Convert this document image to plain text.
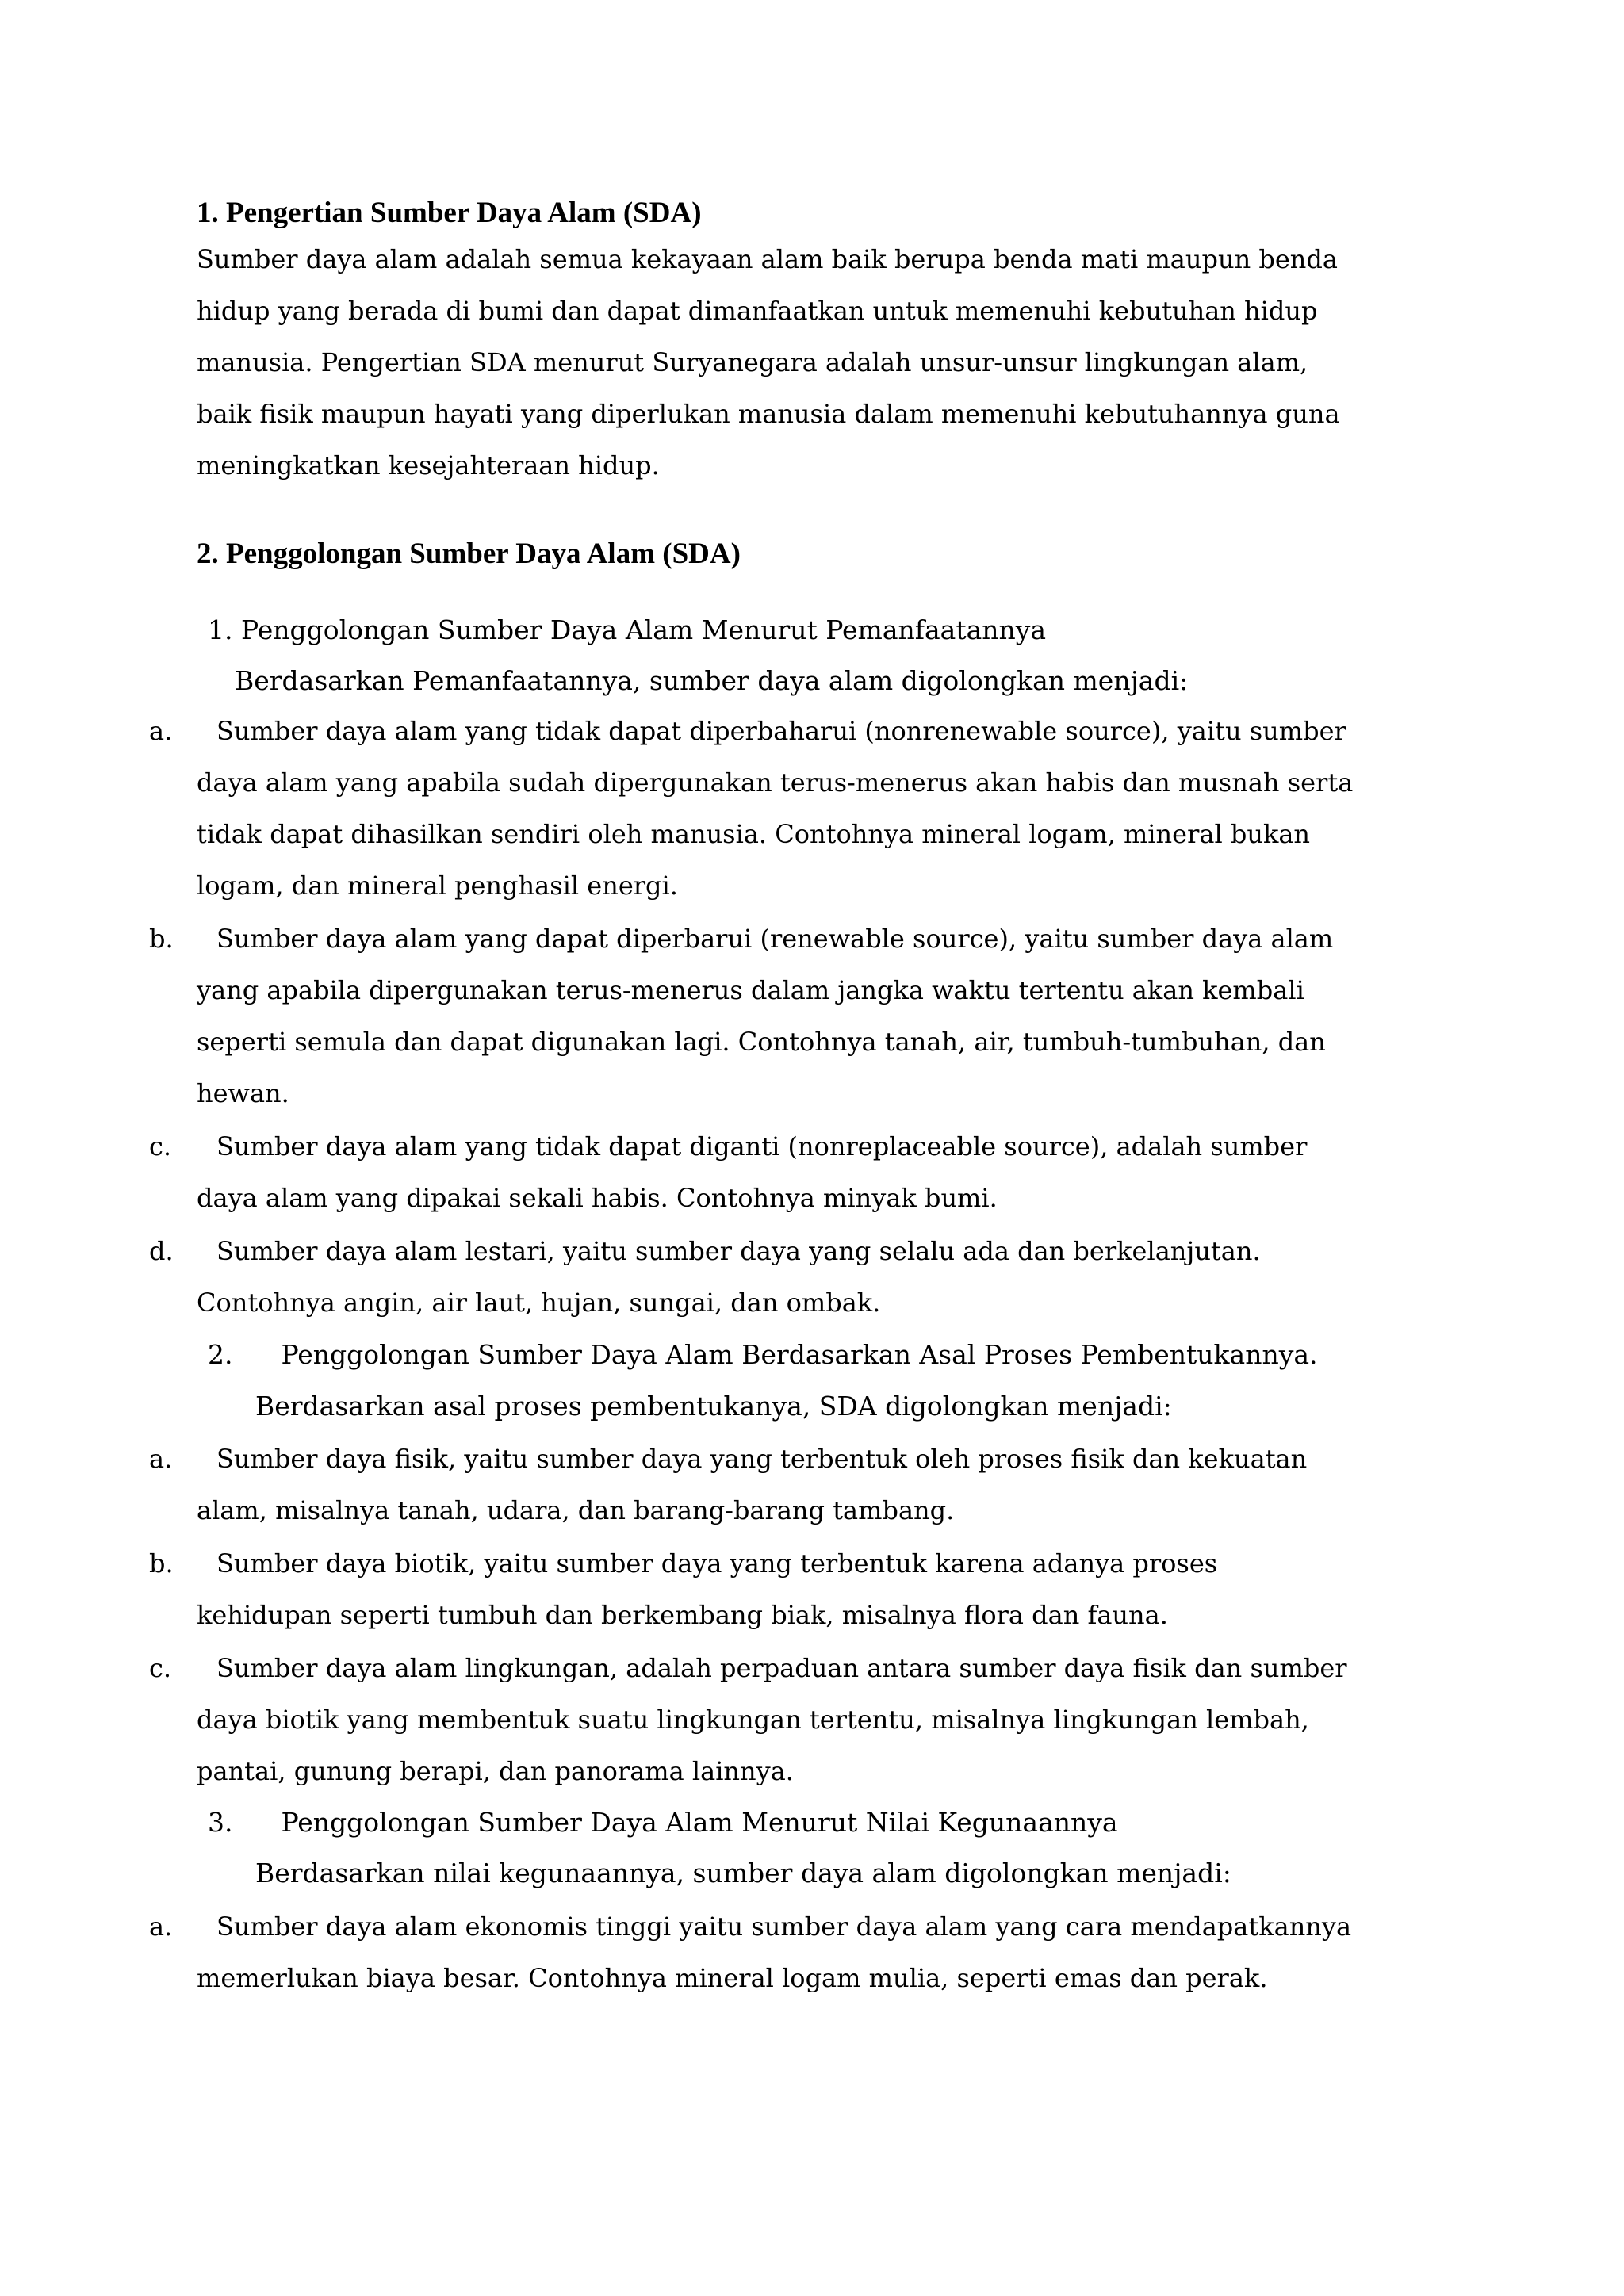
1. Pengertian Sumber Daya Alam (SDA)
Sumber daya alam adalah semua kekayaan alam baik berupa benda mati maupun benda
hidup yang berada di bumi dan dapat dimanfaatkan untuk memenuhi kebutuhan hidup
manusia. Pengertian SDA menurut Suryanegara adalah unsur-unsur lingkungan alam,
baik fisik maupun hayati yang diperlukan manusia dalam memenuhi kebutuhannya guna
meningkatkan kesejahteraan hidup.
2. Penggolongan Sumber Daya Alam (SDA)
1. Penggolongan Sumber Daya Alam Menurut Pemanfaatannya
Berdasarkan Pemanfaatannya, sumber daya alam digolongkan menjadi:
a.	Sumber daya alam yang tidak dapat diperbaharui (nonrenewable source), yaitu sumber
daya alam yang apabila sudah dipergunakan terus-menerus akan habis dan musnah serta
tidak dapat dihasilkan sendiri oleh manusia. Contohnya mineral logam, mineral bukan
logam, dan mineral penghasil energi.
b.	Sumber daya alam yang dapat diperbarui (renewable source), yaitu sumber daya alam
yang apabila dipergunakan terus-menerus dalam jangka waktu tertentu akan kembali
seperti semula dan dapat digunakan lagi. Contohnya tanah, air, tumbuh-tumbuhan, dan
hewan.
c.	Sumber daya alam yang tidak dapat diganti (nonreplaceable source), adalah sumber
daya alam yang dipakai sekali habis. Contohnya minyak bumi.
d.	Sumber daya alam lestari, yaitu sumber daya yang selalu ada dan berkelanjutan.
Contohnya angin, air laut, hujan, sungai, dan ombak.
2. Penggolongan Sumber Daya Alam Berdasarkan Asal Proses Pembentukannya.
Berdasarkan asal proses pembentukanya, SDA digolongkan menjadi:
a.	Sumber daya fisik, yaitu sumber daya yang terbentuk oleh proses fisik dan kekuatan
alam, misalnya tanah, udara, dan barang-barang tambang.
b.	Sumber daya biotik, yaitu sumber daya yang terbentuk karena adanya proses
kehidupan seperti tumbuh dan berkembang biak, misalnya flora dan fauna.
c.	Sumber daya alam lingkungan, adalah perpaduan antara sumber daya fisik dan sumber
daya biotik yang membentuk suatu lingkungan tertentu, misalnya lingkungan lembah,
pantai, gunung berapi, dan panorama lainnya.
3. Penggolongan Sumber Daya Alam Menurut Nilai Kegunaannya
Berdasarkan nilai kegunaannya, sumber daya alam digolongkan menjadi:
a.	Sumber daya alam ekonomis tinggi yaitu sumber daya alam yang cara mendapatkannya
memerlukan biaya besar. Contohnya mineral logam mulia, seperti emas dan perak.
